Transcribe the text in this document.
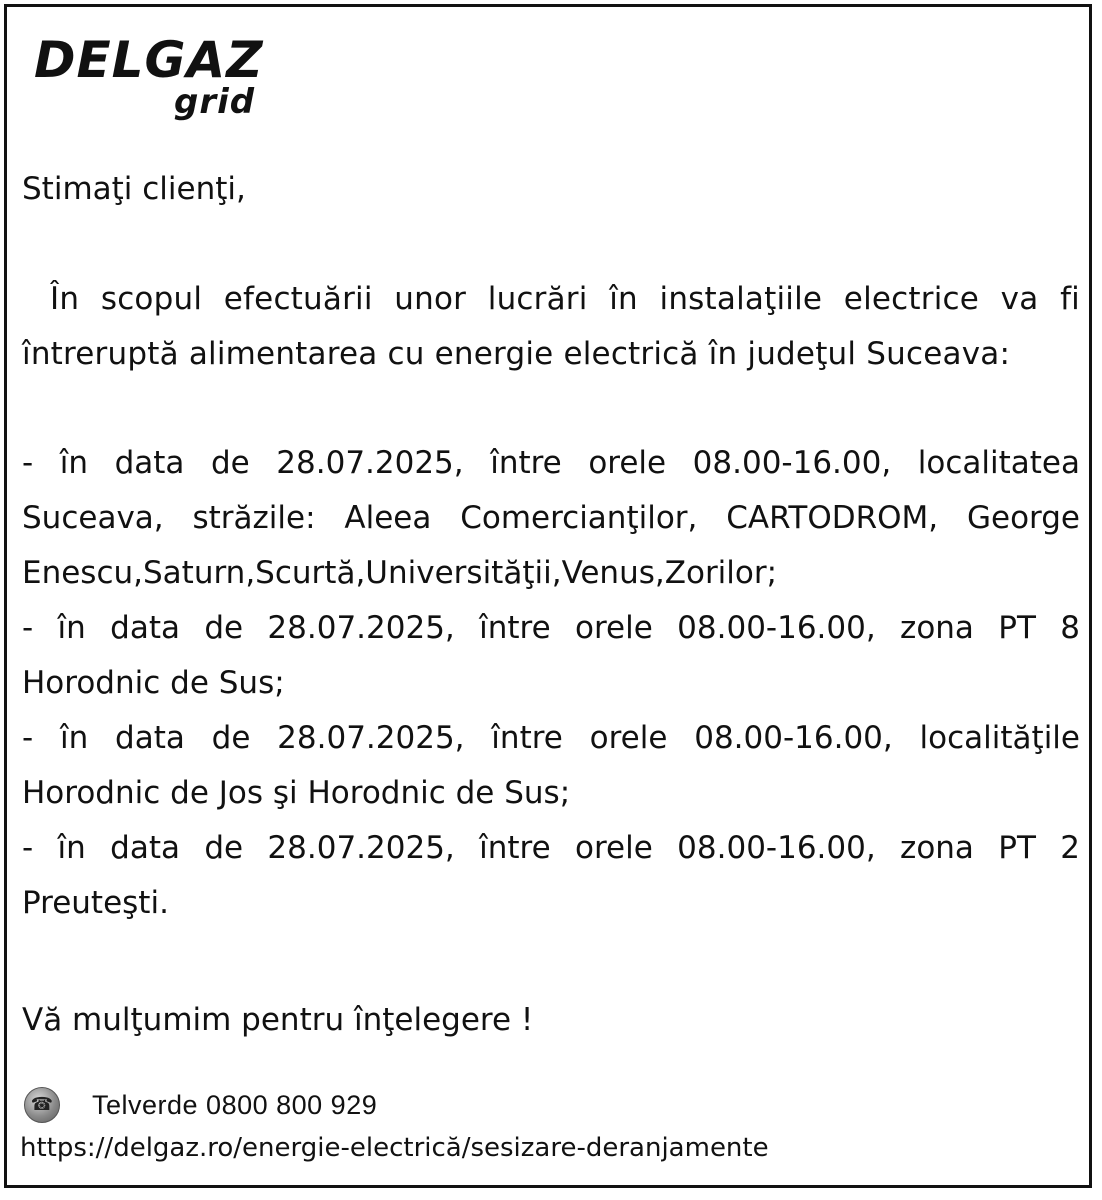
DELGAZ
grid

Stimaţi clienţi,

În scopul efectuării unor lucrări în instalaţiile electrice va fi întreruptă alimentarea cu energie electrică în judeţul Suceava:

- în data de 28.07.2025, între orele 08.00-16.00, localitatea Suceava, străzile: Aleea Comercianţilor, CARTODROM, George Enescu,Saturn,Scurtă,Universităţii,Venus,Zorilor;

- în data de 28.07.2025, între orele 08.00-16.00, zona PT 8 Horodnic de Sus;

- în data de 28.07.2025, între orele 08.00-16.00, localităţile Horodnic de Jos şi Horodnic de Sus;

- în data de 28.07.2025, între orele 08.00-16.00, zona PT 2 Preuteşti.

Vă mulţumim pentru înţelegere !

☎ Telverde 0800 800 929
https://delgaz.ro/energie-electrică/sesizare-deranjamente
